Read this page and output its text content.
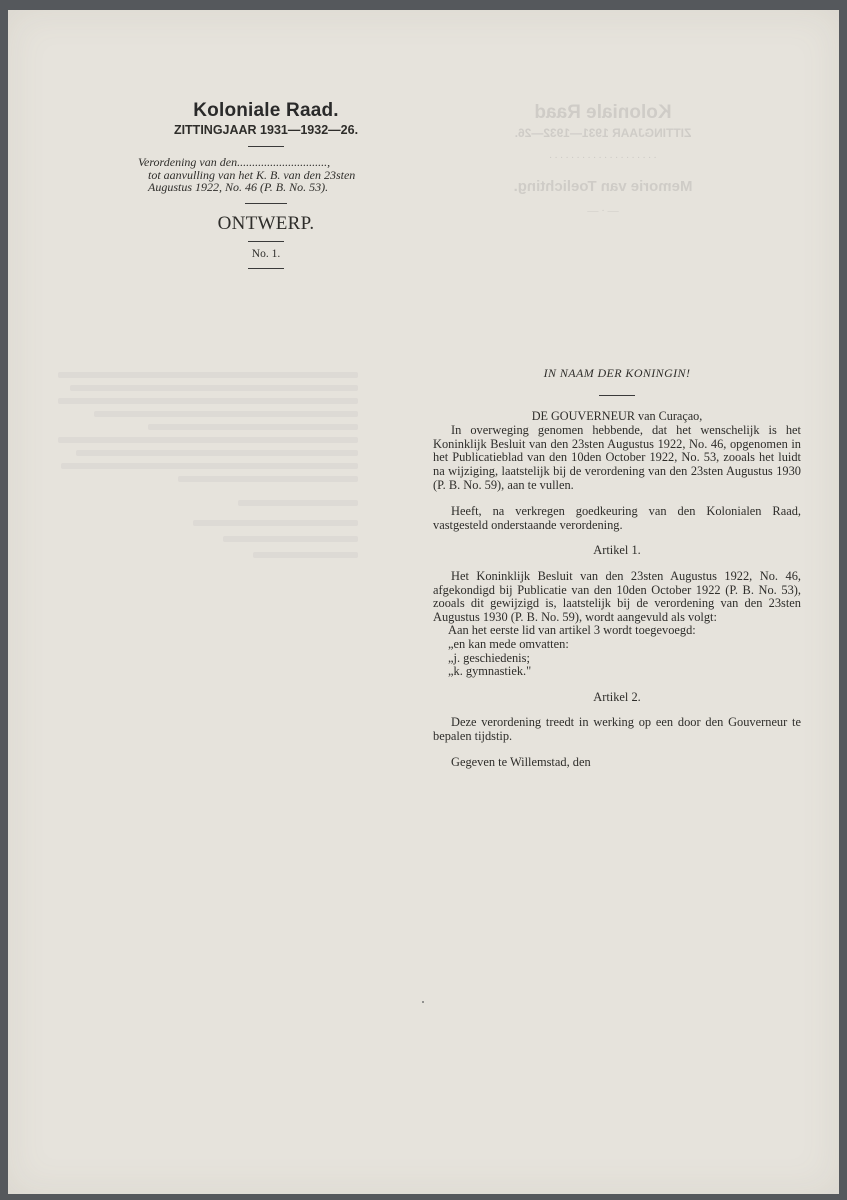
Koloniale Raad
ZITTINGJAAR 1931—1932—26.
· · · · · · · · · · · · · · · · · · · ·
Memorie van Toelichting.
— · —
Koloniale Raad.
ZITTINGJAAR 1931—1932—26.
Verordening van den..............................,
tot aanvulling van het K. B. van den 23sten
Augustus 1922, No. 46 (P. B. No. 53).
ONTWERP.
No. 1.
IN NAAM DER KONINGIN!
DE GOUVERNEUR van Curaçao,

In overweging genomen hebbende, dat het wenschelijk is het Koninklijk Besluit van den 23sten Augustus 1922, No. 46, opgenomen in het Publicatieblad van den 10den October 1922, No. 53, zooals het luidt na wijziging, laatstelijk bij de verordening van den 23sten Augustus 1930 (P. B. No. 59), aan te vullen.

Heeft, na verkregen goedkeuring van den Kolonialen Raad, vastgesteld onderstaande verordening.

Artikel 1.

Het Koninklijk Besluit van den 23sten Augustus 1922, No. 46, afgekondigd bij Publicatie van den 10den October 1922 (P. B. No. 53), zooals dit gewijzigd is, laatstelijk bij de verordening van den 23sten Augustus 1930 (P. B. No. 59), wordt aangevuld als volgt:

Aan het eerste lid van artikel 3 wordt toegevoegd:
„en kan mede omvatten:
„j. geschiedenis;
„k. gymnastiek."
Artikel 2.

Deze verordening treedt in werking op een door den Gouverneur te bepalen tijdstip.

Gegeven te Willemstad, den
